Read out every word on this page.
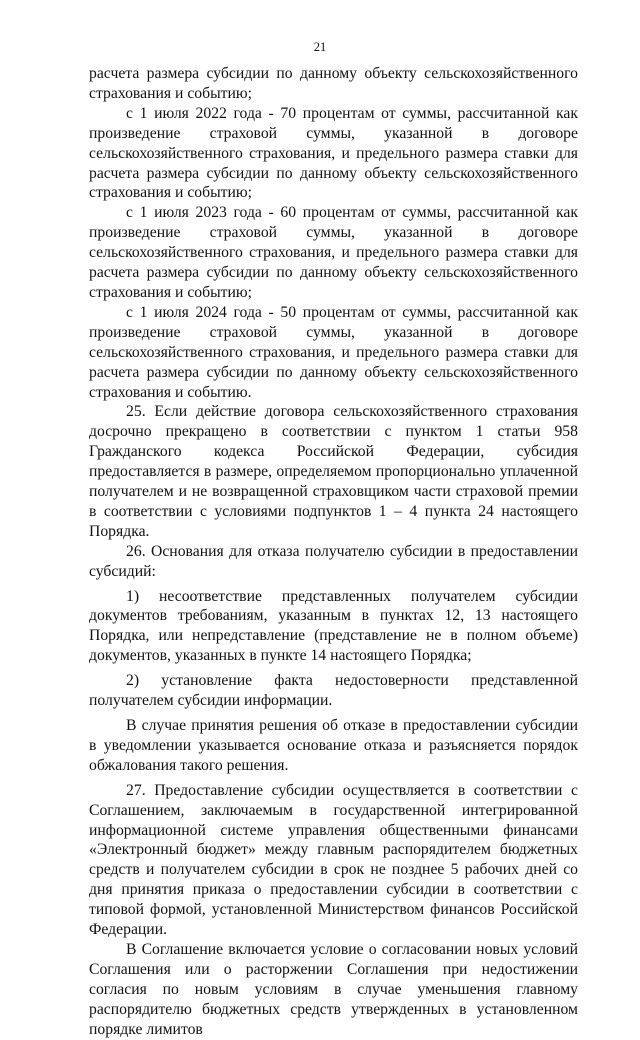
21

расчета размера субсидии по данному объекту сельскохозяйственного страхования и событию;

с 1 июля 2022 года - 70 процентам от суммы, рассчитанной как произведение страховой суммы, указанной в договоре сельскохозяйственного страхования, и предельного размера ставки для расчета размера субсидии по данному объекту сельскохозяйственного страхования и событию;

с 1 июля 2023 года - 60 процентам от суммы, рассчитанной как произведение страховой суммы, указанной в договоре сельскохозяйственного страхования, и предельного размера ставки для расчета размера субсидии по данному объекту сельскохозяйственного страхования и событию;

с 1 июля 2024 года - 50 процентам от суммы, рассчитанной как произведение страховой суммы, указанной в договоре сельскохозяйственного страхования, и предельного размера ставки для расчета размера субсидии по данному объекту сельскохозяйственного страхования и событию.

25. Если действие договора сельскохозяйственного страхования досрочно прекращено в соответствии с пунктом 1 статьи 958 Гражданского кодекса Российской Федерации, субсидия предоставляется в размере, определяемом пропорционально уплаченной получателем и не возвращенной страховщиком части страховой премии в соответствии с условиями подпунктов 1 – 4 пункта 24 настоящего Порядка.

26. Основания для отказа получателю субсидии в предоставлении субсидий:

1) несоответствие представленных получателем субсидии документов требованиям, указанным в пунктах 12, 13 настоящего Порядка, или непредставление (представление не в полном объеме) документов, указанных в пункте 14 настоящего Порядка;

2) установление факта недостоверности представленной получателем субсидии информации.

В случае принятия решения об отказе в предоставлении субсидии в уведомлении указывается основание отказа и разъясняется порядок обжалования такого решения.

27. Предоставление субсидии осуществляется в соответствии с Соглашением, заключаемым в государственной интегрированной информационной системе управления общественными финансами «Электронный бюджет» между главным распорядителем бюджетных средств и получателем субсидии в срок не позднее 5 рабочих дней со дня принятия приказа о предоставлении субсидии в соответствии с типовой формой, установленной Министерством финансов Российской Федерации.

В Соглашение включается условие о согласовании новых условий Соглашения или о расторжении Соглашения при недостижении согласия по новым условиям в случае уменьшения главному распорядителю бюджетных средств утвержденных в установленном порядке лимитов
